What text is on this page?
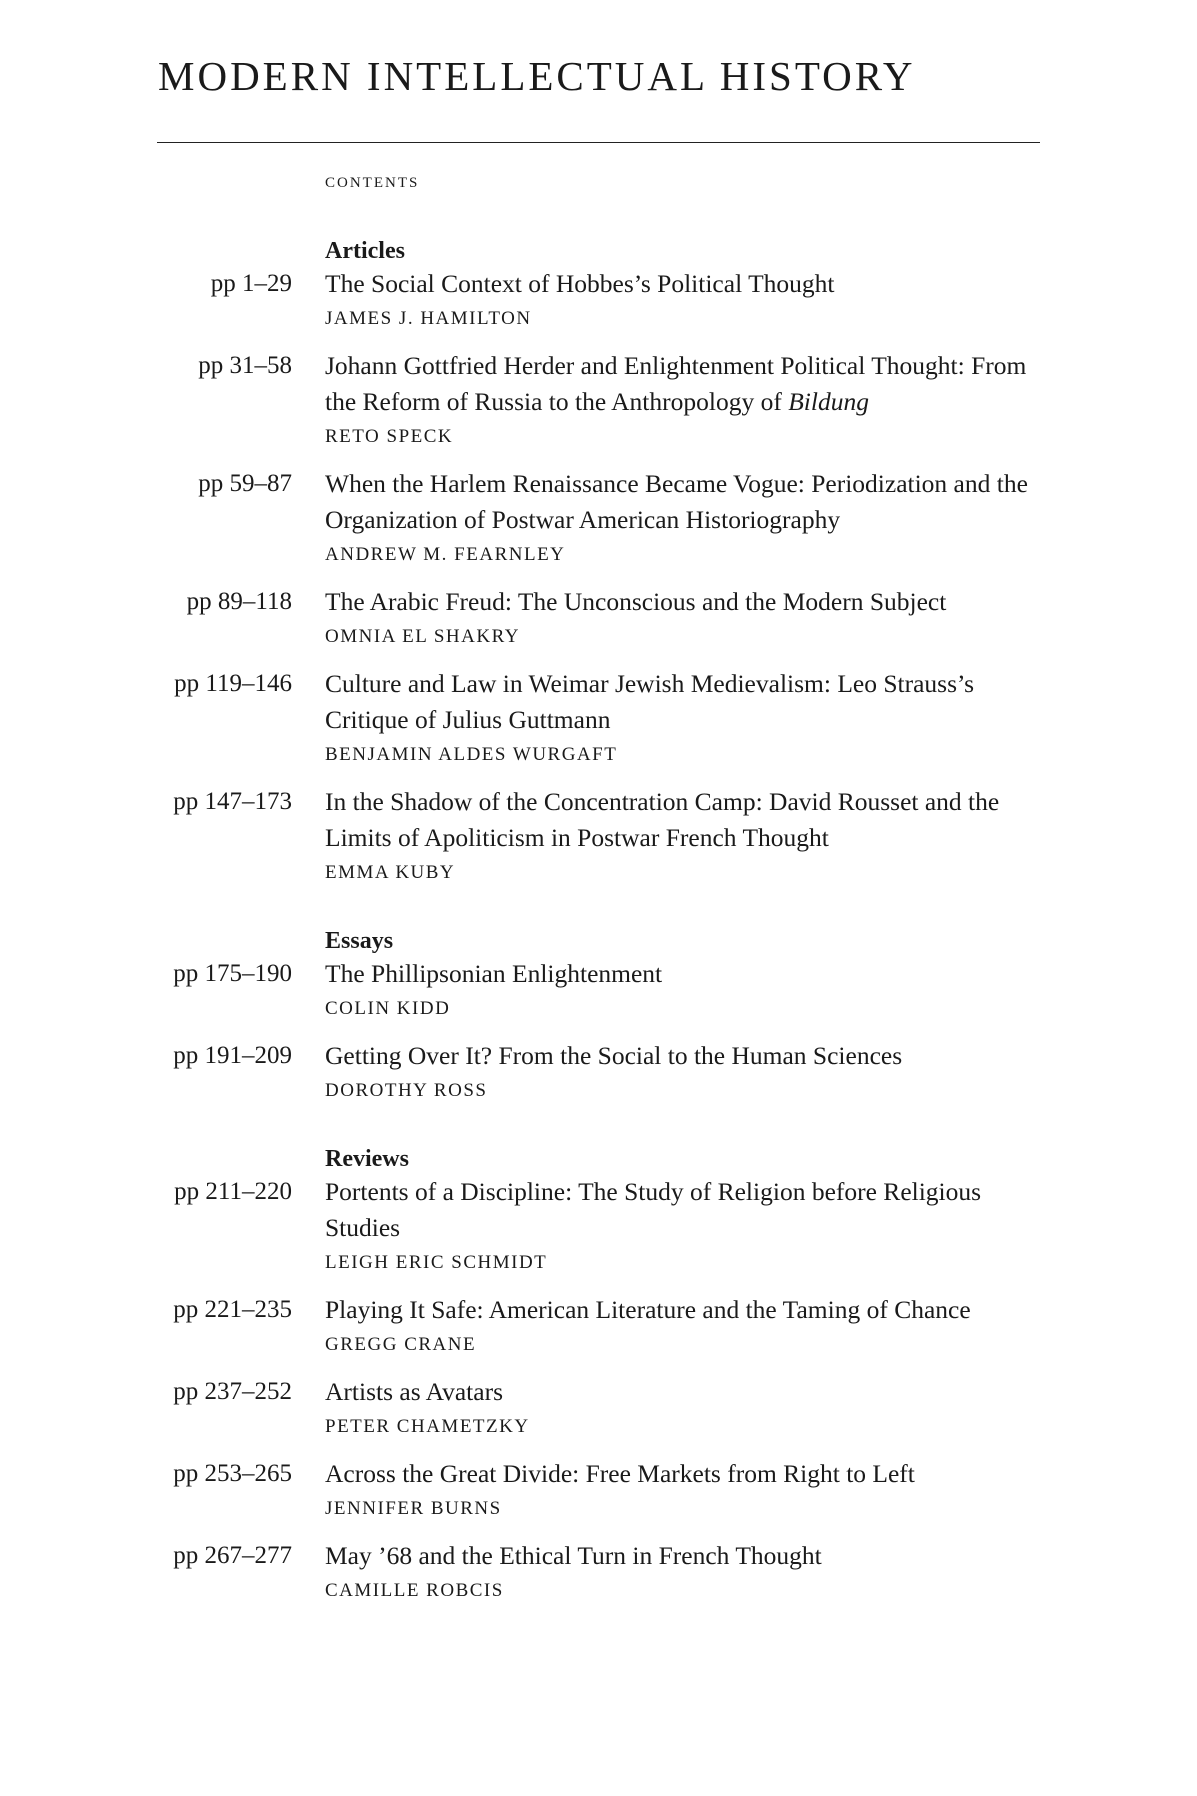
MODERN INTELLECTUAL HISTORY
contents
Articles
pp 1–29 The Social Context of Hobbes’s Political Thought
JAMES J. HAMILTON
pp 31–58 Johann Gottfried Herder and Enlightenment Political Thought: From the Reform of Russia to the Anthropology of Bildung
RETO SPECK
pp 59–87 When the Harlem Renaissance Became Vogue: Periodization and the Organization of Postwar American Historiography
ANDREW M. FEARNLEY
pp 89–118 The Arabic Freud: The Unconscious and the Modern Subject
OMNIA EL SHAKRY
pp 119–146 Culture and Law in Weimar Jewish Medievalism: Leo Strauss’s Critique of Julius Guttmann
BENJAMIN ALDES WURGAFT
pp 147–173 In the Shadow of the Concentration Camp: David Rousset and the Limits of Apoliticism in Postwar French Thought
EMMA KUBY
Essays
pp 175–190 The Phillipsonian Enlightenment
COLIN KIDD
pp 191–209 Getting Over It? From the Social to the Human Sciences
DOROTHY ROSS
Reviews
pp 211–220 Portents of a Discipline: The Study of Religion before Religious Studies
LEIGH ERIC SCHMIDT
pp 221–235 Playing It Safe: American Literature and the Taming of Chance
GREGG CRANE
pp 237–252 Artists as Avatars
PETER CHAMETZKY
pp 253–265 Across the Great Divide: Free Markets from Right to Left
JENNIFER BURNS
pp 267–277 May ’68 and the Ethical Turn in French Thought
CAMILLE ROBCIS
